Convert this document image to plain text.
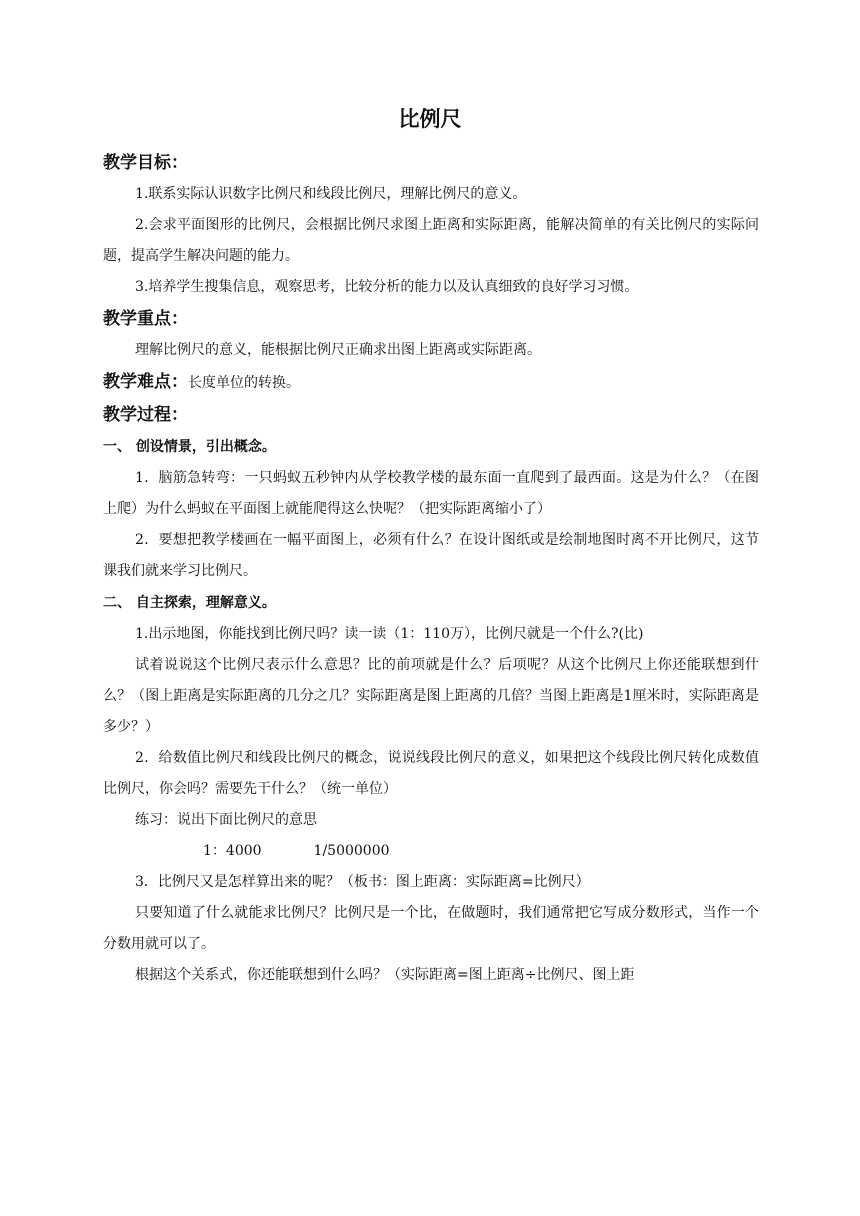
比例尺
教学目标：

1.联系实际认识数字比例尺和线段比例尺，理解比例尺的意义。

2.会求平面图形的比例尺，会根据比例尺求图上距离和实际距离，能解决简单的有关比例尺的实际问题，提高学生解决问题的能力。

3.培养学生搜集信息，观察思考，比较分析的能力以及认真细致的良好学习习惯。

教学重点：

理解比例尺的意义，能根据比例尺正确求出图上距离或实际距离。

教学难点：长度单位的转换。
教学过程：
一、 创设情景，引出概念。

1．脑筋急转弯：一只蚂蚁五秒钟内从学校教学楼的最东面一直爬到了最西面。这是为什么？（在图上爬）为什么蚂蚁在平面图上就能爬得这么快呢？（把实际距离缩小了）

2．要想把教学楼画在一幅平面图上，必须有什么？在设计图纸或是绘制地图时离不开比例尺，这节课我们就来学习比例尺。

二、 自主探索，理解意义。

1.出示地图，你能找到比例尺吗？读一读（1：110万），比例尺就是一个什么?(比)

试着说说这个比例尺表示什么意思？比的前项就是什么？后项呢？从这个比例尺上你还能联想到什么？（图上距离是实际距离的几分之几？实际距离是图上距离的几倍？当图上距离是1厘米时，实际距离是多少？）

2．给数值比例尺和线段比例尺的概念，说说线段比例尺的意义，如果把这个线段比例尺转化成数值比例尺，你会吗？需要先干什么？（统一单位）

练习：说出下面比例尺的意思

1：4000	1/5000000

3．比例尺又是怎样算出来的呢？（板书：图上距离：实际距离=比例尺）

只要知道了什么就能求比例尺？比例尺是一个比，在做题时，我们通常把它写成分数形式，当作一个分数用就可以了。

根据这个关系式，你还能联想到什么吗？（实际距离=图上距离÷比例尺、图上距
